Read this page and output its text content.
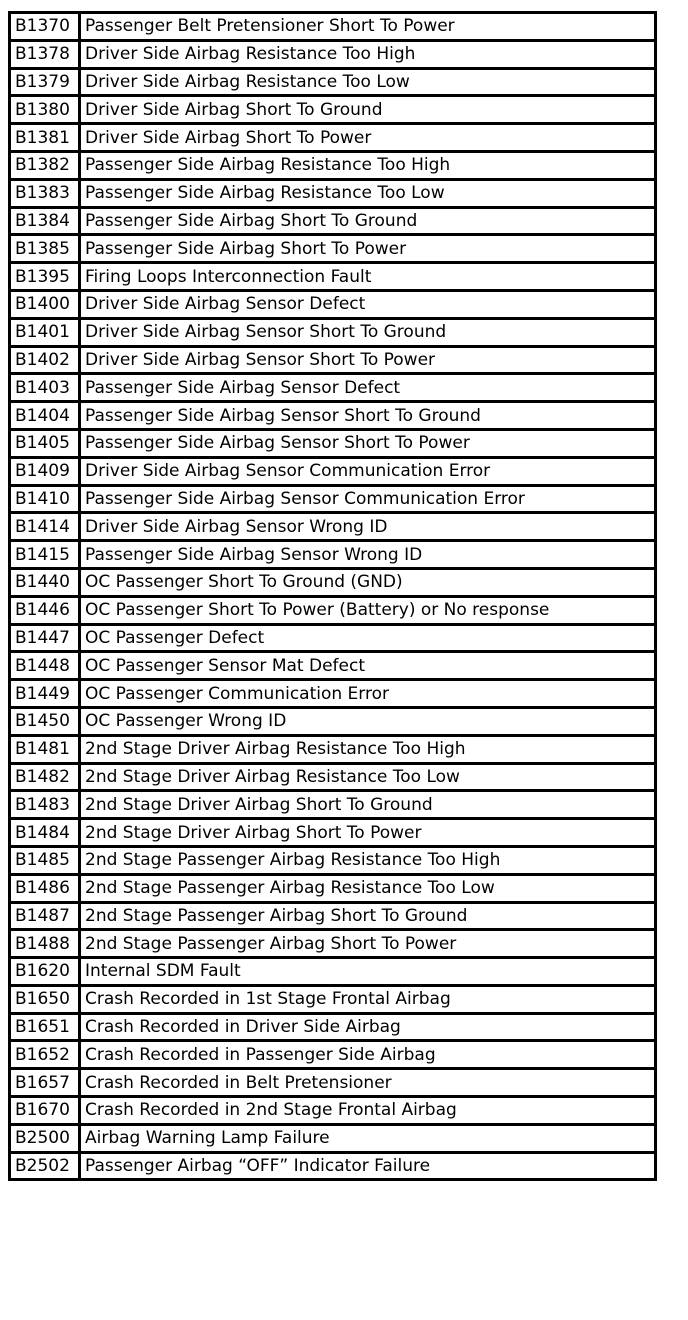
B1370	Passenger Belt Pretensioner Short To Power
B1378	Driver Side Airbag Resistance Too High
B1379	Driver Side Airbag Resistance Too Low
B1380	Driver Side Airbag Short To Ground
B1381	Driver Side Airbag Short To Power
B1382	Passenger Side Airbag Resistance Too High
B1383	Passenger Side Airbag Resistance Too Low
B1384	Passenger Side Airbag Short To Ground
B1385	Passenger Side Airbag Short To Power
B1395	Firing Loops Interconnection Fault
B1400	Driver Side Airbag Sensor Defect
B1401	Driver Side Airbag Sensor Short To Ground
B1402	Driver Side Airbag Sensor Short To Power
B1403	Passenger Side Airbag Sensor Defect
B1404	Passenger Side Airbag Sensor Short To Ground
B1405	Passenger Side Airbag Sensor Short To Power
B1409	Driver Side Airbag Sensor Communication Error
B1410	Passenger Side Airbag Sensor Communication Error
B1414	Driver Side Airbag Sensor Wrong ID
B1415	Passenger Side Airbag Sensor Wrong ID
B1440	OC Passenger Short To Ground (GND)
B1446	OC Passenger Short To Power (Battery) or No response
B1447	OC Passenger Defect
B1448	OC Passenger Sensor Mat Defect
B1449	OC Passenger Communication Error
B1450	OC Passenger Wrong ID
B1481	2nd Stage Driver Airbag Resistance Too High
B1482	2nd Stage Driver Airbag Resistance Too Low
B1483	2nd Stage Driver Airbag Short To Ground
B1484	2nd Stage Driver Airbag Short To Power
B1485	2nd Stage Passenger Airbag Resistance Too High
B1486	2nd Stage Passenger Airbag Resistance Too Low
B1487	2nd Stage Passenger Airbag Short To Ground
B1488	2nd Stage Passenger Airbag Short To Power
B1620	Internal SDM Fault
B1650	Crash Recorded in 1st Stage Frontal Airbag
B1651	Crash Recorded in Driver Side Airbag
B1652	Crash Recorded in Passenger Side Airbag
B1657	Crash Recorded in Belt Pretensioner
B1670	Crash Recorded in 2nd Stage Frontal Airbag
B2500	Airbag Warning Lamp Failure
B2502	Passenger Airbag “OFF” Indicator Failure
